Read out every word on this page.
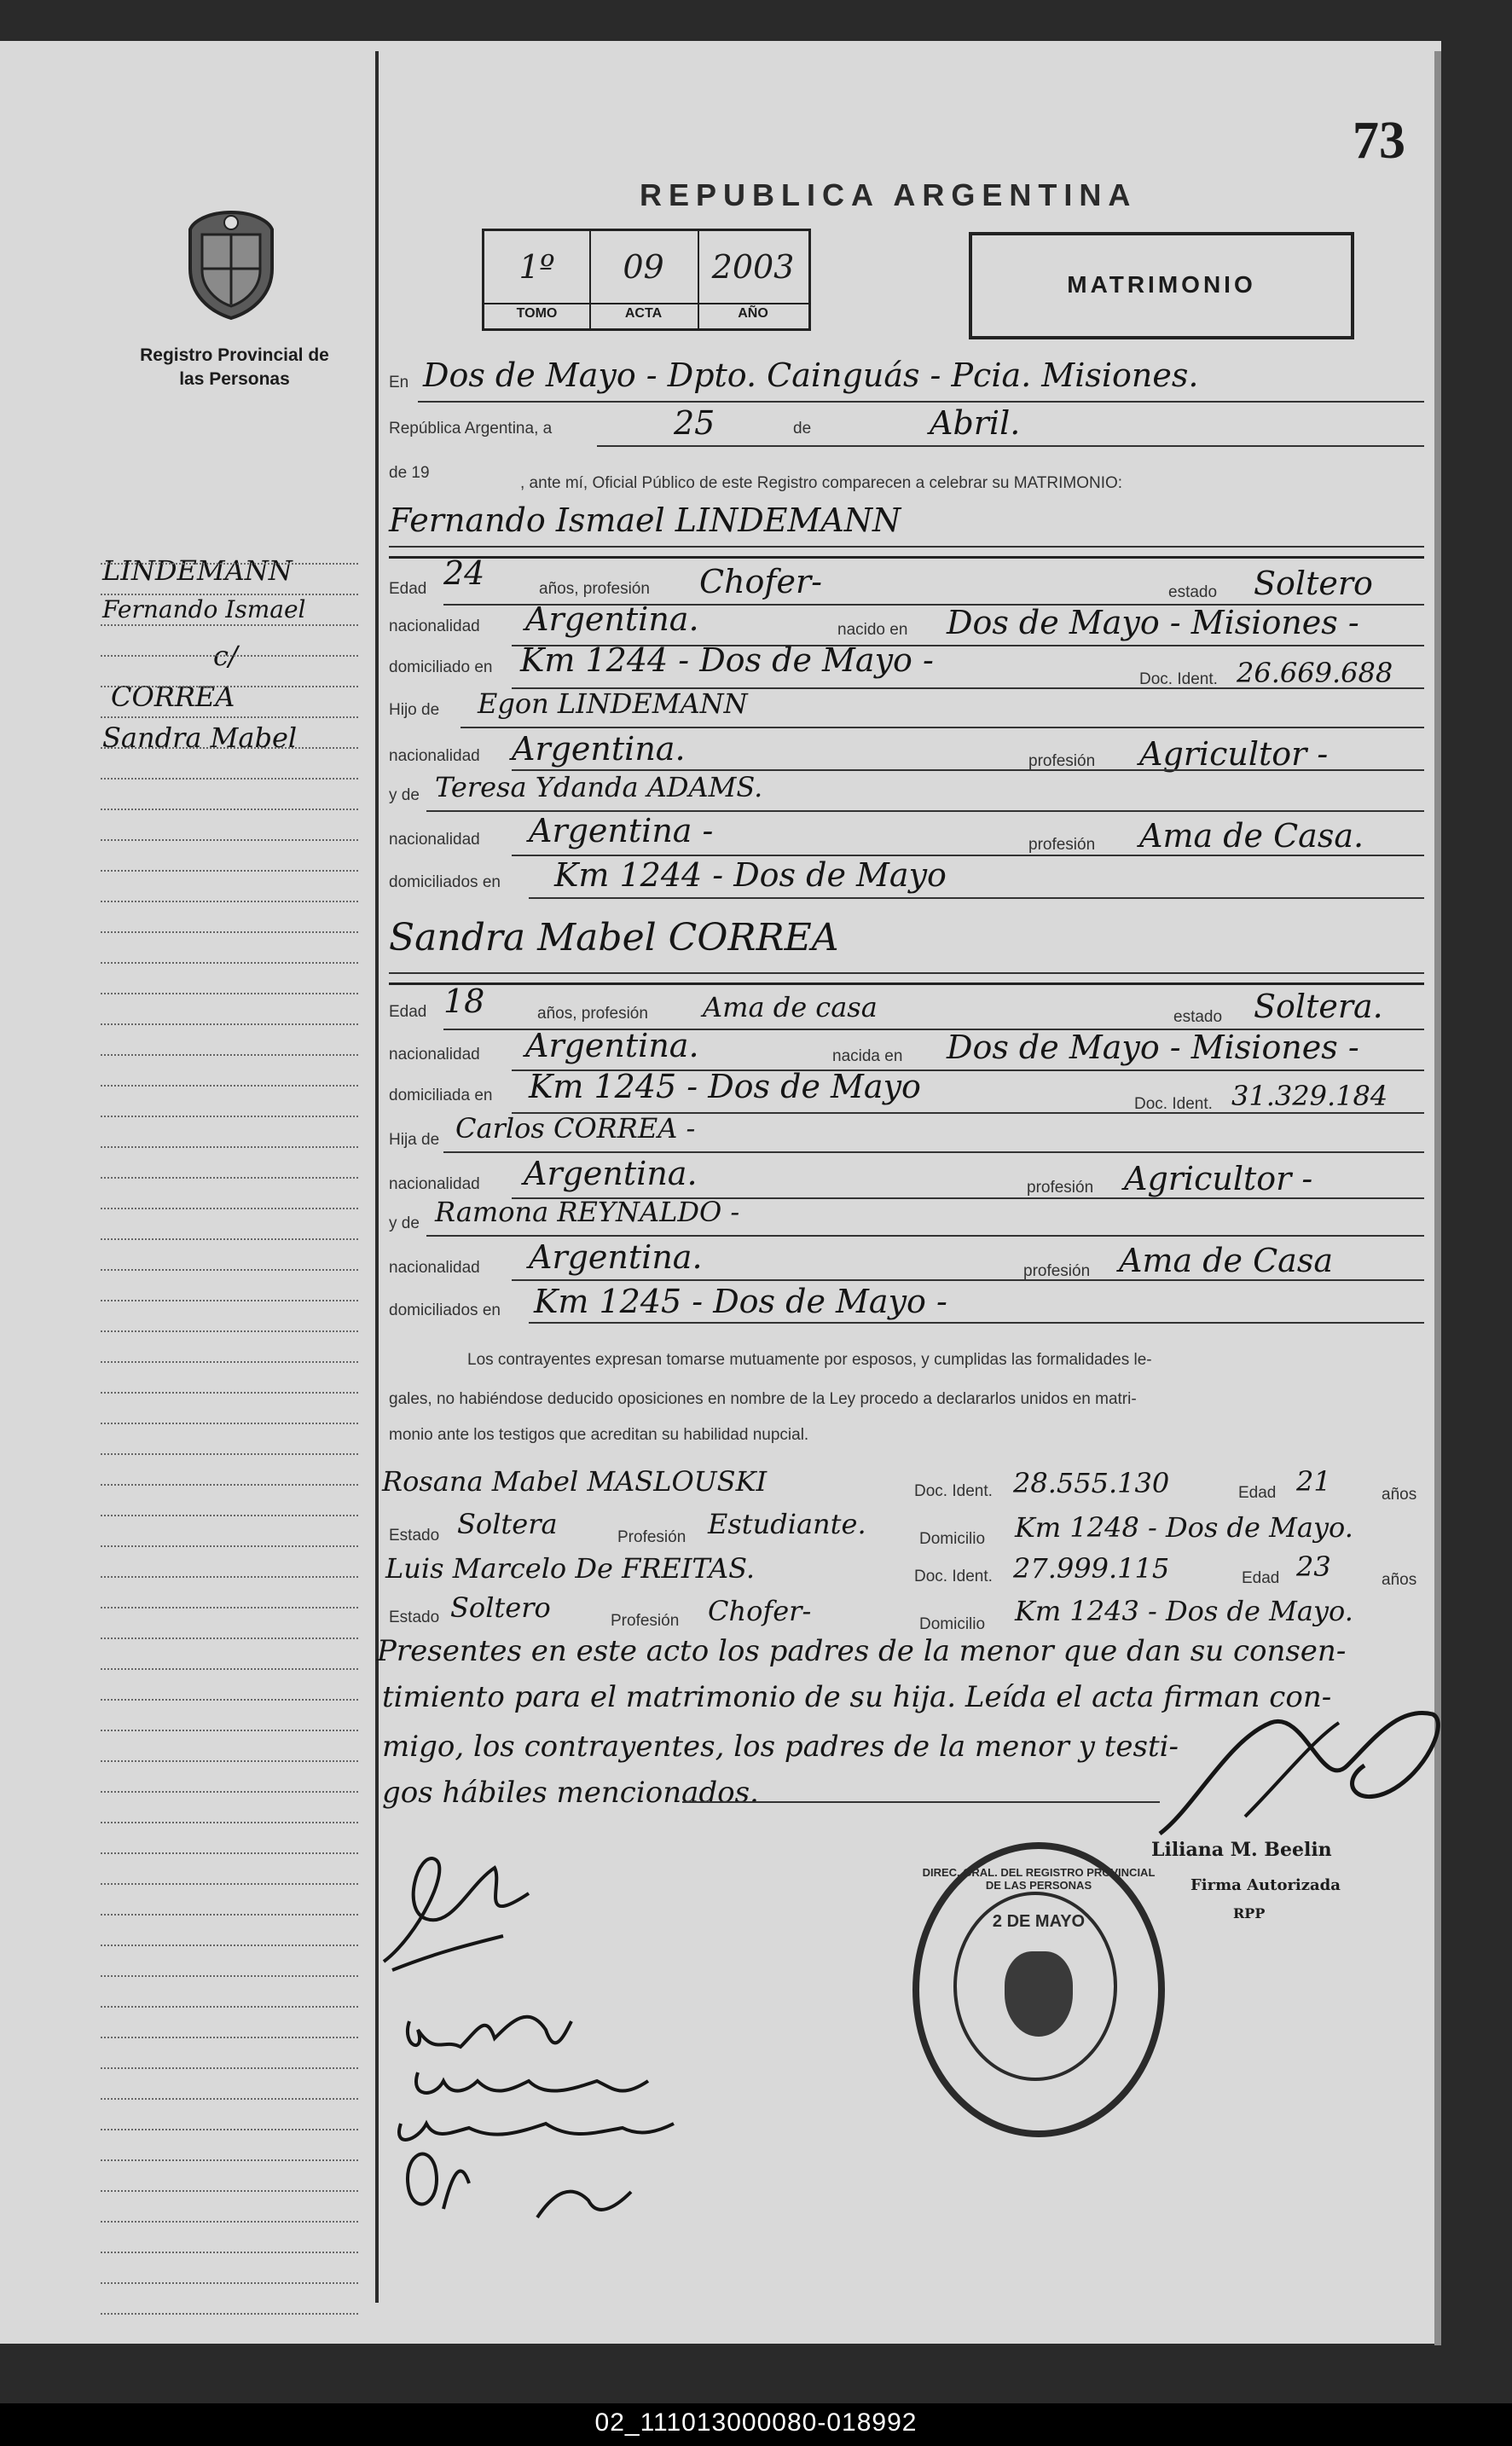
73
REPUBLICA ARGENTINA
1º
TOMO
09
ACTA
2003
AÑO
MATRIMONIO
Registro Provincial de las Personas
LINDEMANN
Fernando Ismael
c/
CORREA
Sandra Mabel
En Dos de Mayo - Dpto. Cainguás - Pcia. Misiones.
República Argentina, a	25	de	Abril.
de 19
, ante mí, Oficial Público de este Registro comparecen a celebrar su MATRIMONIO:
Fernando Ismael LINDEMANN
Edad 24	años, profesión Chofer-	estado Soltero
nacionalidad Argentina.	nacido en Dos de Mayo - Misiones -
domiciliado en Km 1244 - Dos de Mayo -
Doc. Ident. 26.669.688
Hijo de Egon LINDEMANN
nacionalidad Argentina.	profesión Agricultor -
y de Teresa Ydanda ADAMS.
nacionalidad Argentina -	profesión Ama de Casa.
domiciliados en Km 1244 - Dos de Mayo
Sandra Mabel CORREA
Edad 18	años, profesión Ama de casa	estado Soltera.
nacionalidad Argentina.	nacida en Dos de Mayo - Misiones -
domiciliada en Km 1245 - Dos de Mayo	Doc. Ident. 31.329.184
Hija de Carlos CORREA -
nacionalidad Argentina.	profesión Agricultor -
y de Ramona REYNALDO -
nacionalidad Argentina.	profesión Ama de Casa
domiciliados en Km 1245 - Dos de Mayo -
Los contrayentes expresan tomarse mutuamente por esposos, y cumplidas las formalidades le-
gales, no habiéndose deducido oposiciones en nombre de la Ley procedo a declararlos unidos en matri-
monio ante los testigos que acreditan su habilidad nupcial.
Rosana Mabel MASLOUSKI	Doc. Ident. 28.555.130	Edad 21	años
Estado Soltera	Profesión Estudiante.	Domicilio Km 1248 - Dos de Mayo.
Luis Marcelo De FREITAS.	Doc. Ident. 27.999.115	Edad 23	años
Estado Soltero	Profesión Chofer-	Domicilio Km 1243 - Dos de Mayo.
Presentes en este acto los padres de la menor que dan su consen-
timiento para el matrimonio de su hija. Leída el acta firman con-
migo, los contrayentes, los padres de la menor y testi-
gos hábiles mencionados.
Liliana M. Beelin
Firma Autorizada
RPP
DIREC. GRAL. DEL REGISTRO PROVINCIAL DE LAS PERSONAS
2 DE MAYO
02_111013000080-018992
